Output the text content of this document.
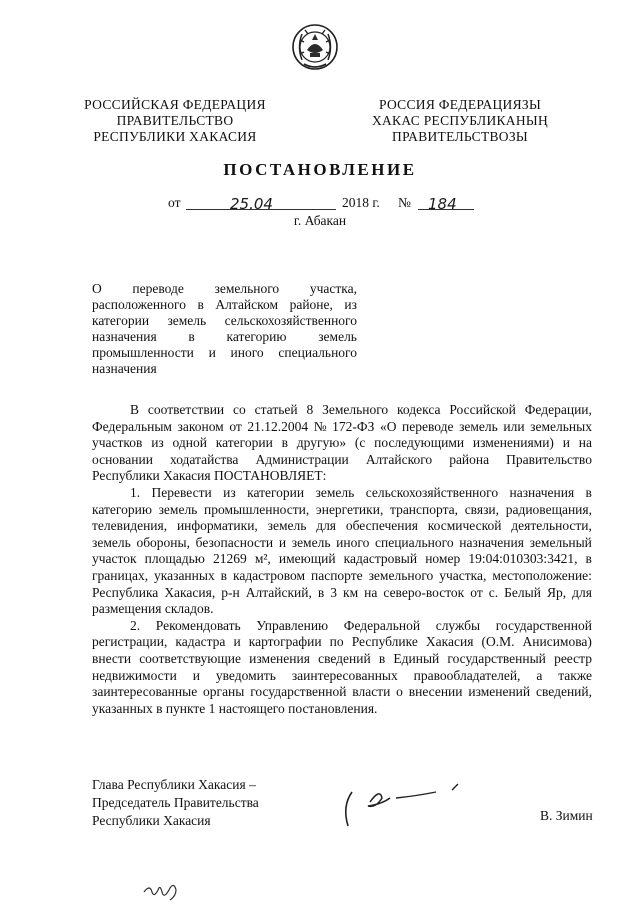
РОССИЙСКАЯ ФЕДЕРАЦИЯ
ПРАВИТЕЛЬСТВО
РЕСПУБЛИКИ ХАКАСИЯ
РОССИЯ ФЕДЕРАЦИЯЗЫ
ХАКАС РЕСПУБЛИКАНЫҢ
ПРАВИТЕЛЬСТВОЗЫ
ПОСТАНОВЛЕНИЕ
от	25.04	2018 г. № 184
г. Абакан
О переводе земельного участка,
расположенного в Алтайском районе, из
категории земель сельскохозяйственного
назначения в категорию земель
промышленности и иного специального
назначения
В соответствии со статьей 8 Земельного кодекса Российской Федерации,
Федеральным законом от 21.12.2004 № 172-ФЗ «О переводе земель или земельных
участков из одной категории в другую» (с последующими изменениями) и на
основании ходатайства Администрации Алтайского района Правительство
Республики Хакасия ПОСТАНОВЛЯЕТ:
1. Перевести из категории земель сельскохозяйственного назначения в
категорию земель промышленности, энергетики, транспорта, связи, радиовещания,
телевидения, информатики, земель для обеспечения космической деятельности,
земель обороны, безопасности и земель иного специального назначения земельный
участок площадью 21269 м², имеющий кадастровый номер 19:04:010303:3421, в
границах, указанных в кадастровом паспорте земельного участка, местоположение:
Республика Хакасия, р-н Алтайский, в 3 км на северо-восток от с. Белый Яр, для
размещения складов.
2. Рекомендовать Управлению Федеральной службы государственной
регистрации, кадастра и картографии по Республике Хакасия (О.М. Анисимова)
внести соответствующие изменения сведений в Единый государственный реестр
недвижимости и уведомить заинтересованных правообладателей, а также
заинтересованные органы государственной власти о внесении изменений сведений,
указанных в пункте 1 настоящего постановления.
Глава Республики Хакасия –
Председатель Правительства
Республики Хакасия	В. Зимин
